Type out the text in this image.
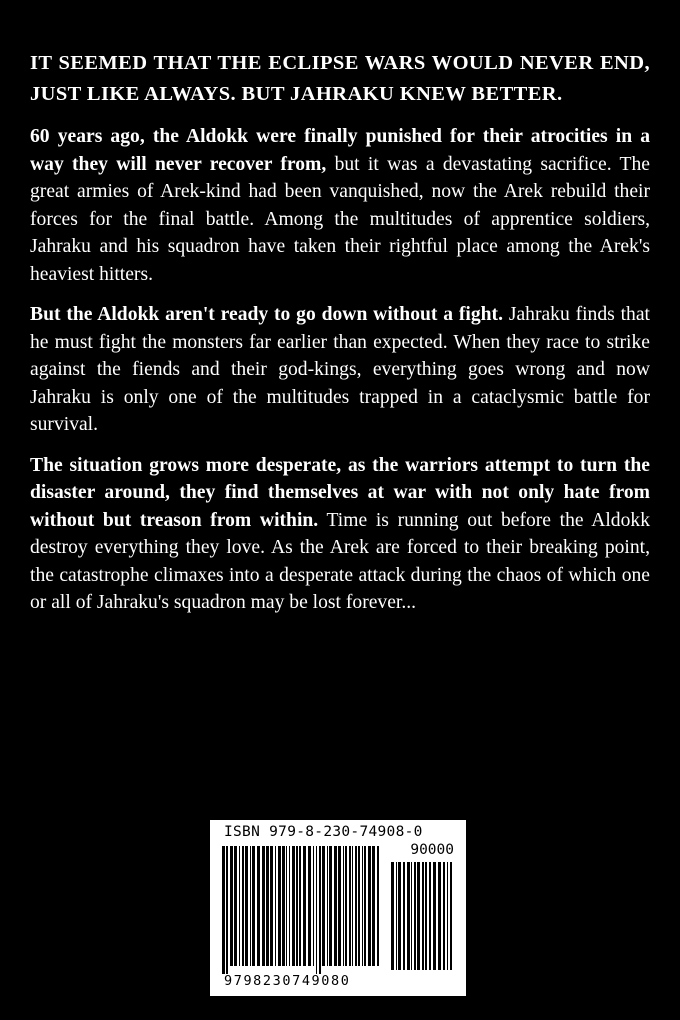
IT SEEMED THAT THE ECLIPSE WARS WOULD NEVER END, JUST LIKE ALWAYS. BUT JAHRAKU KNEW BETTER.

60 years ago, the Aldokk were finally punished for their atrocities in a way they will never recover from, but it was a devastating sacrifice. The great armies of Arek-kind had been vanquished, now the Arek rebuild their forces for the final battle. Among the multitudes of apprentice soldiers, Jahraku and his squadron have taken their rightful place among the Arek's heaviest hitters.

But the Aldokk aren't ready to go down without a fight. Jahraku finds that he must fight the monsters far earlier than expected. When they race to strike against the fiends and their god-kings, everything goes wrong and now Jahraku is only one of the multitudes trapped in a cataclysmic battle for survival.

The situation grows more desperate, as the warriors attempt to turn the disaster around, they find themselves at war with not only hate from without but treason from within. Time is running out before the Aldokk destroy everything they love. As the Arek are forced to their breaking point, the catastrophe climaxes into a desperate attack during the chaos of which one or all of Jahraku's squadron may be lost forever...

ISBN 979-8-230-74908-0
90000
9798230749080
